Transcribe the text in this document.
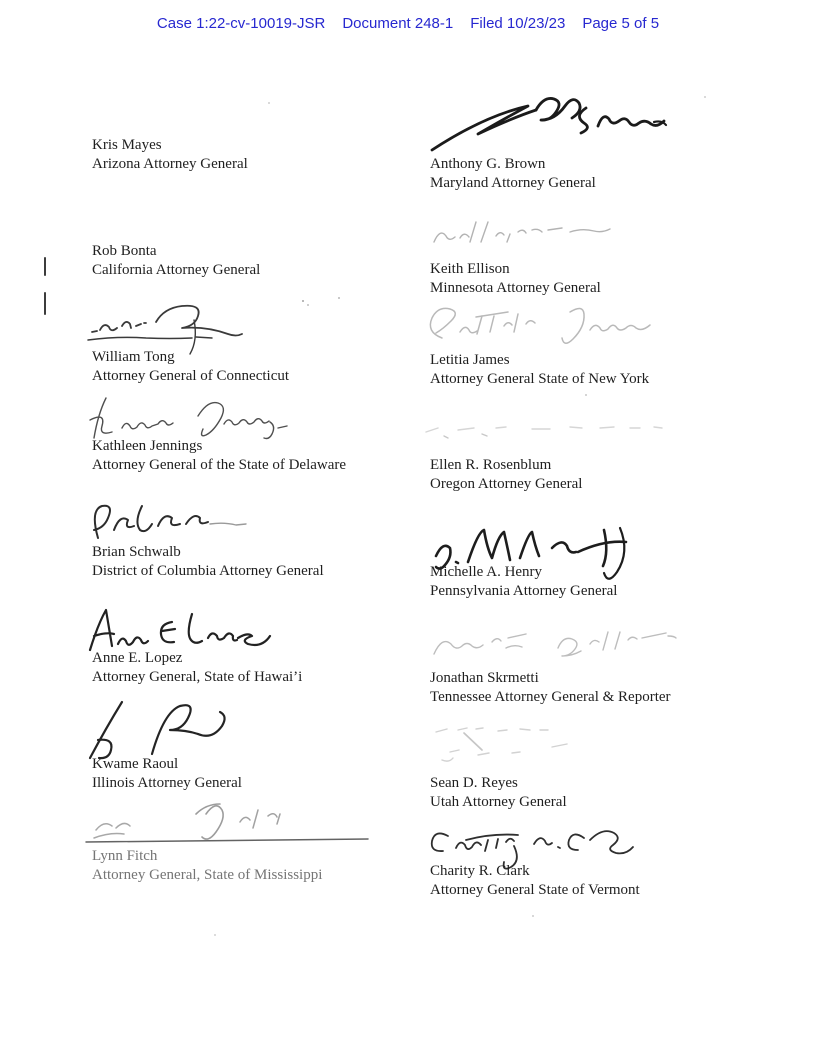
Case 1:22-cv-10019-JSR Document 248-1 Filed 10/23/23 Page 5 of 5

Kris Mayes

Arizona Attorney General

Rob Bonta

California Attorney General

William Tong

Attorney General of Connecticut

Kathleen Jennings

Attorney General of the State of Delaware

Brian Schwalb

District of Columbia Attorney General

Anne E. Lopez

Attorney General, State of Hawai’i

Kwame Raoul

Illinois Attorney General

Lynn Fitch

Attorney General, State of Mississippi

Anthony G. Brown

Maryland Attorney General

Keith Ellison

Minnesota Attorney General

Letitia James

Attorney General State of New York

Ellen R. Rosenblum

Oregon Attorney General

Michelle A. Henry

Pennsylvania Attorney General

Jonathan Skrmetti

Tennessee Attorney General & Reporter

Sean D. Reyes

Utah Attorney General

Charity R. Clark

Attorney General State of Vermont
